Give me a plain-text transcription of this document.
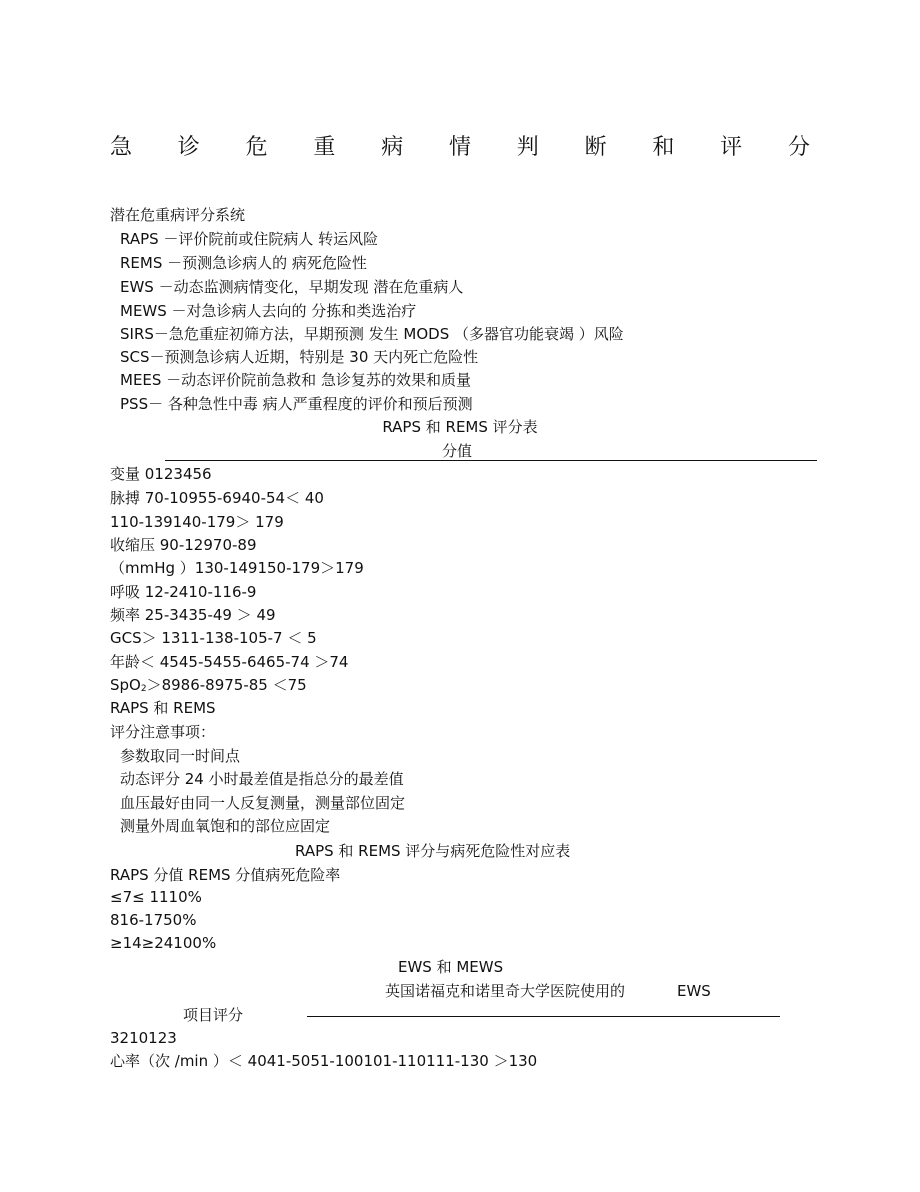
急 诊 危 重 病 情 判 断 和 评 分
潜在危重病评分系统
RAPS －评价院前或住院病人 转运风险
REMS －预测急诊病人的 病死危险性
EWS －动态监测病情变化，早期发现 潜在危重病人
MEWS －对急诊病人去向的 分拣和类选治疗
SIRS－急危重症初筛方法，早期预测 发生 MODS （多器官功能衰竭 ）风险
SCS－预测急诊病人近期，特别是 30 天内死亡危险性
MEES －动态评价院前急救和 急诊复苏的效果和质量
PSS－ 各种急性中毒 病人严重程度的评价和预后预测
RAPS 和 REMS 评分表
分值
变量 0123456
脉搏 70-10955-6940-54＜ 40
110-139140-179＞ 179
收缩压 90-12970-89
（mmHg ）130-149150-179＞179
呼吸 12-2410-116-9
频率 25-3435-49 ＞ 49
GCS＞ 1311-138-105-7 ＜ 5
年龄＜ 4545-5455-6465-74 ＞74
SpO$_2$＞8986-8975-85 ＜75
RAPS 和 REMS
评分注意事项：
参数取同一时间点
动态评分 24 小时最差值是指总分的最差值
血压最好由同一人反复测量，测量部位固定
测量外周血氧饱和的部位应固定
RAPS 和 REMS 评分与病死危险性对应表
RAPS 分值 REMS 分值病死危险率
≤7≤ 1110%
816-1750%
≥14≥24100%
EWS 和 MEWS
英国诺福克和诺里奇大学医院使用的	EWS
项目评分
3210123
心率（次 /min ）＜ 4041-5051-100101-110111-130 ＞130
